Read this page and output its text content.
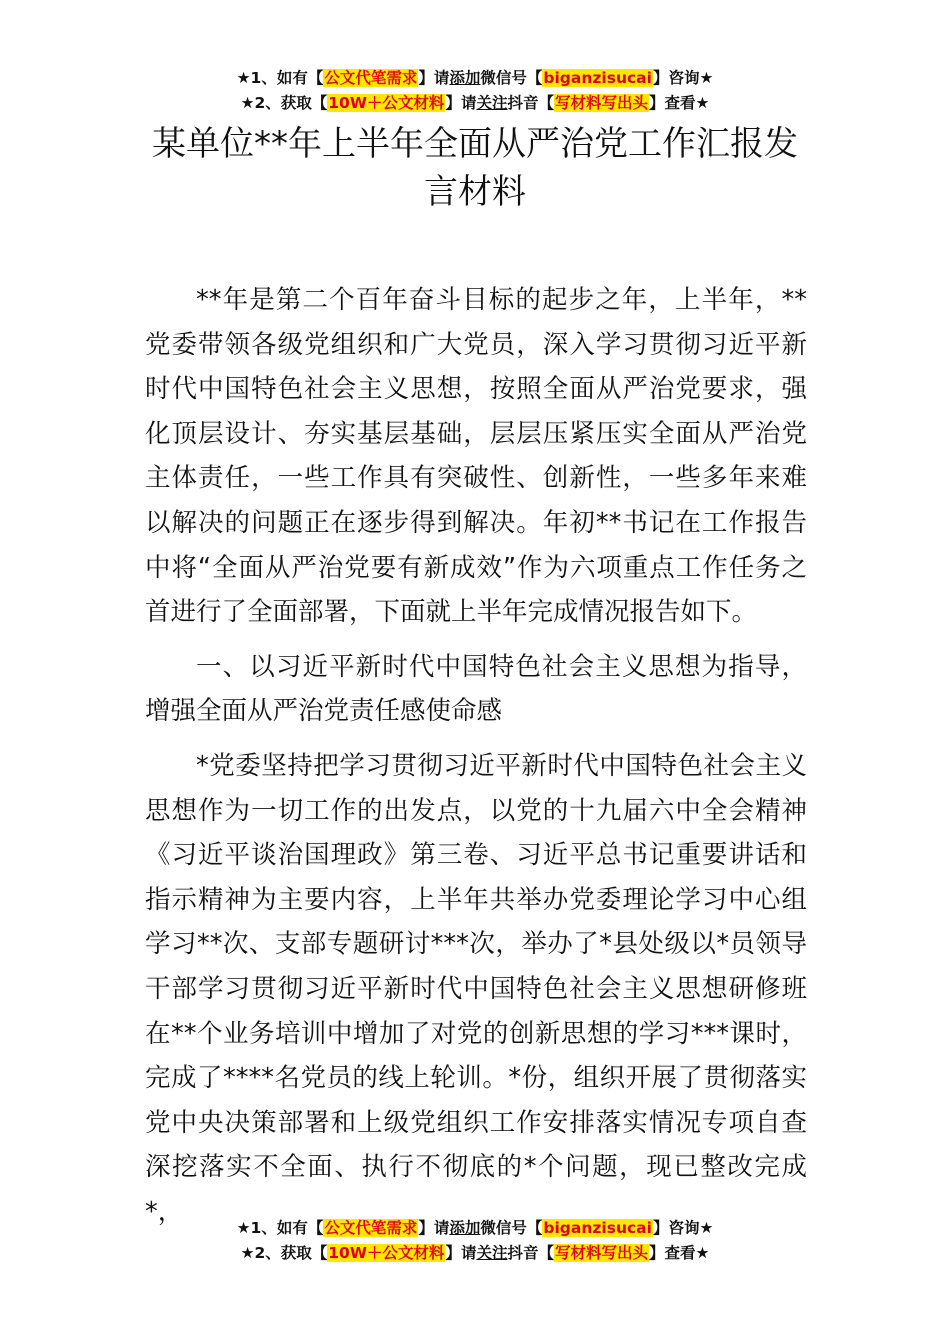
★1、如有【公文代笔需求】请添加微信号【biganzisucai】咨询★
★2、获取【10W＋公文材料】请关注抖音【写材料写出头】查看★
某单位**年上半年全面从严治党工作汇报发言材料

**年是第二个百年奋斗目标的起步之年，上半年，**党委带领各级党组织和广大党员，深入学习贯彻习近平新时代中国特色社会主义思想，按照全面从严治党要求，强化顶层设计、夯实基层基础，层层压紧压实全面从严治党主体责任，一些工作具有突破性、创新性，一些多年来难以解决的问题正在逐步得到解决。年初**书记在工作报告中将“全面从严治党要有新成效”作为六项重点工作任务之首进行了全面部署，下面就上半年完成情况报告如下。

一、以习近平新时代中国特色社会主义思想为指导，增强全面从严治党责任感使命感

*党委坚持把学习贯彻习近平新时代中国特色社会主义思想作为一切工作的出发点，以党的十九届六中全会精神《习近平谈治国理政》第三卷、习近平总书记重要讲话和指示精神为主要内容，上半年共举办党委理论学习中心组学习**次、支部专题研讨***次，举办了*县处级以*员领导干部学习贯彻习近平新时代中国特色社会主义思想研修班在**个业务培训中增加了对党的创新思想的学习***课时，完成了****名党员的线上轮训。*份，组织开展了贯彻落实党中央决策部署和上级党组织工作安排落实情况专项自查深挖落实不全面、执行不彻底的*个问题，现已整改完成*，

★1、如有【公文代笔需求】请添加微信号【biganzisucai】咨询★
★2、获取【10W＋公文材料】请关注抖音【写材料写出头】查看★
